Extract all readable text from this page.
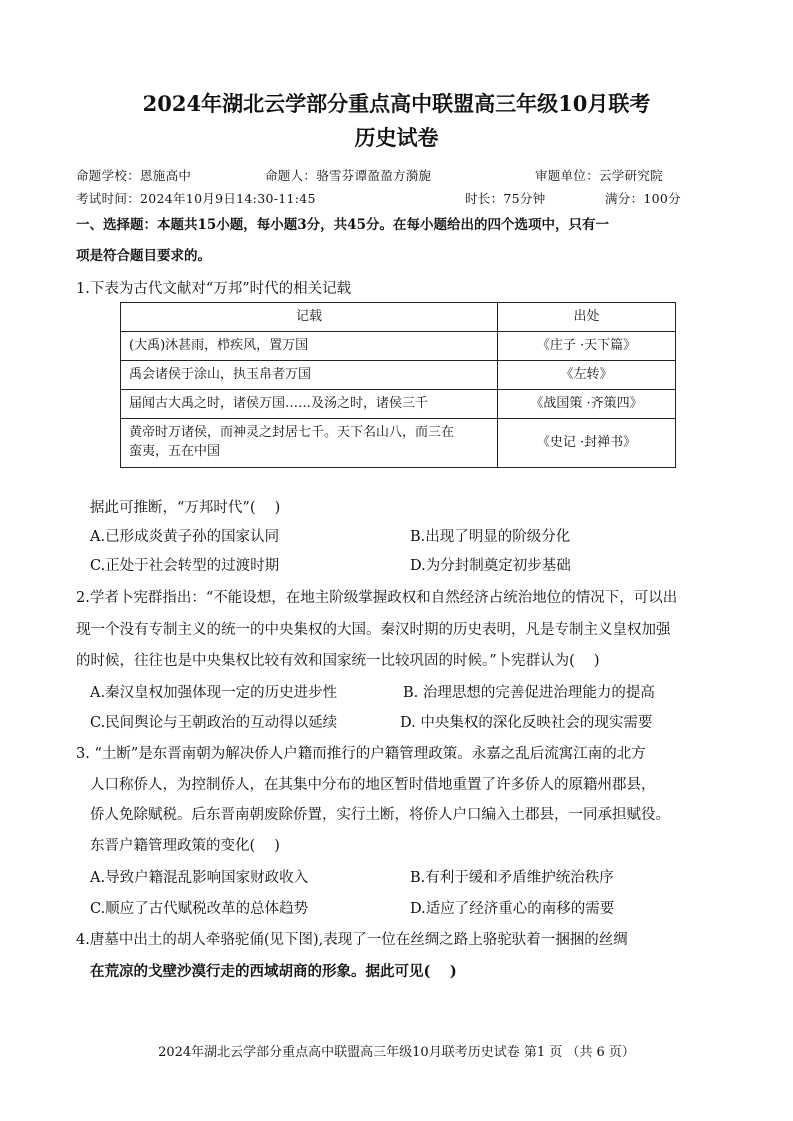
2024年湖北云学部分重点高中联盟高三年级10月联考
历史试卷
命题学校：恩施高中	命题人：骆雪芬谭盈盈方漪旎	审题单位：云学研究院
考试时间：2024年10月9日14:30-11:45	时长：75分钟	满分：100分
一、选择题：本题共15小题，每小题3分，共45分。在每小题给出的四个选项中，只有一
项是符合题目要求的。
1.下表为古代文献对“万邦”时代的相关记载
记载	出处
(大禹)沐甚雨，栉疾风，置万国	《庄子 ·天下篇》
禹会诸侯于涂山，执玉帛者万国	《左转》
届闻古大禹之时，诸侯万国……及汤之时，诸侯三千	《战国策 ·齐策四》

黄帝时万诸侯，而神灵之封居七千。天下名山八，而三在
蛮夷，五在中国	《史记 ·封禅书》
据此可推断，“万邦时代”(　 )
A.已形成炎黄子孙的国家认同	B.出现了明显的阶级分化
C.正处于社会转型的过渡时期	D.为分封制奠定初步基础
2.学者卜宪群指出：“不能设想，在地主阶级掌握政权和自然经济占统治地位的情况下，可以出
现一个没有专制主义的统一的中央集权的大国。秦汉时期的历史表明，凡是专制主义皇权加强
的时候，往往也是中央集权比较有效和国家统一比较巩固的时候。”卜宪群认为(　 )
A.秦汉皇权加强体现一定的历史进步性	B. 治理思想的完善促进治理能力的提高
C.民间舆论与王朝政治的互动得以延续	D. 中央集权的深化反映社会的现实需要
3. “土断”是东晋南朝为解决侨人户籍而推行的户籍管理政策。永嘉之乱后流寓江南的北方
人口称侨人，为控制侨人，在其集中分布的地区暂时借地重置了许多侨人的原籍州郡县，
侨人免除赋税。后东晋南朝废除侨置，实行土断，将侨人户口编入土郡县，一同承担赋役。
东晋户籍管理政策的变化(　 )
A.导致户籍混乱影响国家财政收入	B.有利于缓和矛盾维护统治秩序
C.顺应了古代赋税改革的总体趋势	D.适应了经济重心的南移的需要
4.唐墓中出土的胡人牵骆驼俑(见下图),表现了一位在丝绸之路上骆驼驮着一捆捆的丝绸
在荒凉的戈壁沙漠行走的西域胡商的形象。据此可见(　 )
2024年湖北云学部分重点高中联盟高三年级10月联考历史试卷 第1 页 （共 6 页）
